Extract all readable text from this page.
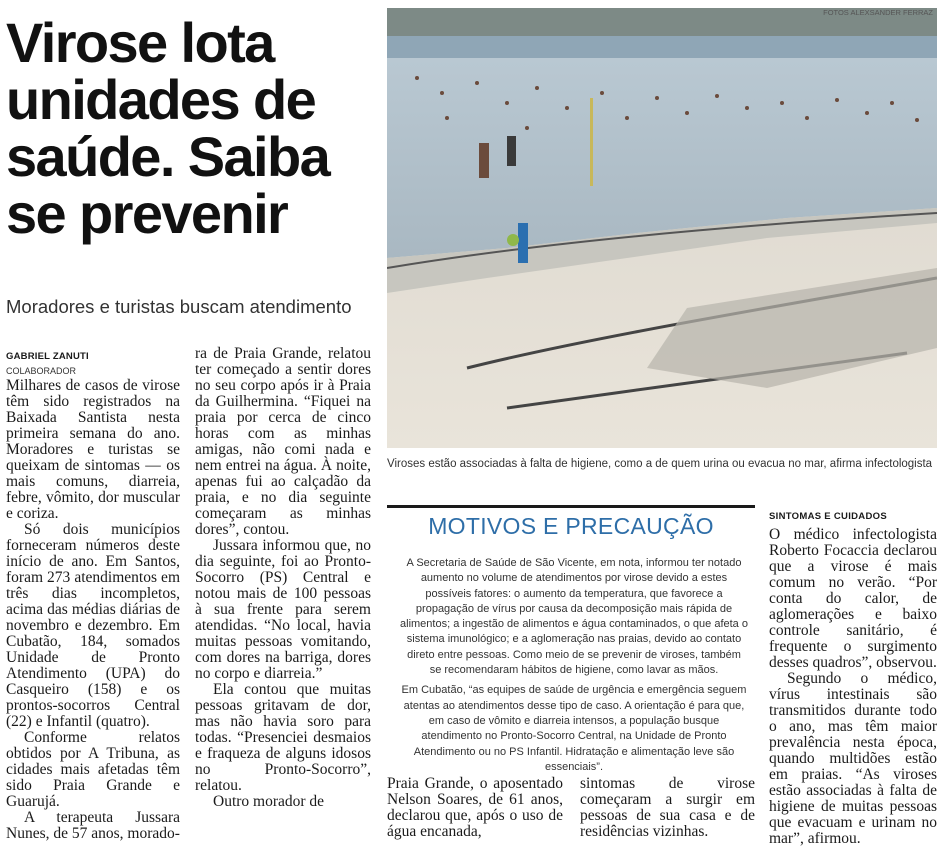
Virose lota unidades de saúde. Saiba se prevenir

Moradores e turistas buscam atendimento

GABRIEL ZANUTI
COLABORADOR

Milhares de casos de virose têm sido registrados na Baixada Santista nesta primeira semana do ano. Moradores e turistas se queixam de sintomas — os mais comuns, diarreia, febre, vômito, dor muscular e coriza.

Só dois municípios forneceram números deste início de ano. Em Santos, foram 273 atendimentos em três dias incompletos, acima das médias diárias de novembro e dezembro. Em Cubatão, 184, somados Unidade de Pronto Atendimento (UPA) do Casqueiro (158) e os prontos-socorros Central (22) e Infantil (quatro).

Conforme relatos obtidos por A Tribuna, as cidades mais afetadas têm sido Praia Grande e Guarujá.

A terapeuta Jussara Nunes, de 57 anos, morado-

ra de Praia Grande, relatou ter começado a sentir dores no seu corpo após ir à Praia da Guilhermina. “Fiquei na praia por cerca de cinco horas com as minhas amigas, não comi nada e nem entrei na água. À noite, apenas fui ao calçadão da praia, e no dia seguinte começaram as minhas dores”, contou.

Jussara informou que, no dia seguinte, foi ao Pronto-Socorro (PS) Central e notou mais de 100 pessoas à sua frente para serem atendidas. “No local, havia muitas pessoas vomitando, com dores na barriga, dores no corpo e diarreia.”

Ela contou que muitas pessoas gritavam de dor, mas não havia soro para todas. “Presenciei desmaios e fraqueza de alguns idosos no Pronto-Socorro”, relatou.

Outro morador de

FOTOS ALEXSANDER FERRAZ
Viroses estão associadas à falta de higiene, como a de quem urina ou evacua no mar, afirma infectologista
MOTIVOS E PRECAUÇÃO

A Secretaria de Saúde de São Vicente, em nota, informou ter notado aumento no volume de atendimentos por virose devido a estes possíveis fatores: o aumento da temperatura, que favorece a propagação de vírus por causa da decomposição mais rápida de alimentos; a ingestão de alimentos e água contaminados, o que afeta o sistema imunológico; e a aglomeração nas praias, devido ao contato direto entre pessoas. Como meio de se prevenir de viroses, também se recomendaram hábitos de higiene, como lavar as mãos.

Em Cubatão, “as equipes de saúde de urgência e emergência seguem atentas ao atendimentos desse tipo de caso. A orientação é para que, em caso de vômito e diarreia intensos, a população busque atendimento no Pronto-Socorro Central, na Unidade de Pronto Atendimento ou no PS Infantil. Hidratação e alimentação leve são essenciais”.

Praia Grande, o aposentado Nelson Soares, de 61 anos, declarou que, após o uso de água encanada,

sintomas de virose começaram a surgir em pessoas de sua casa e de residências vizinhas.

SINTOMAS E CUIDADOS

O médico infectologista Roberto Focaccia declarou que a virose é mais comum no verão. “Por conta do calor, de aglomerações e baixo controle sanitário, é frequente o surgimento desses quadros”, observou.

Segundo o médico, vírus intestinais são transmitidos durante todo o ano, mas têm maior prevalência nesta época, quando multidões estão em praias. “As viroses estão associadas à falta de higiene de muitas pessoas que evacuam e urinam no mar”, afirmou.
